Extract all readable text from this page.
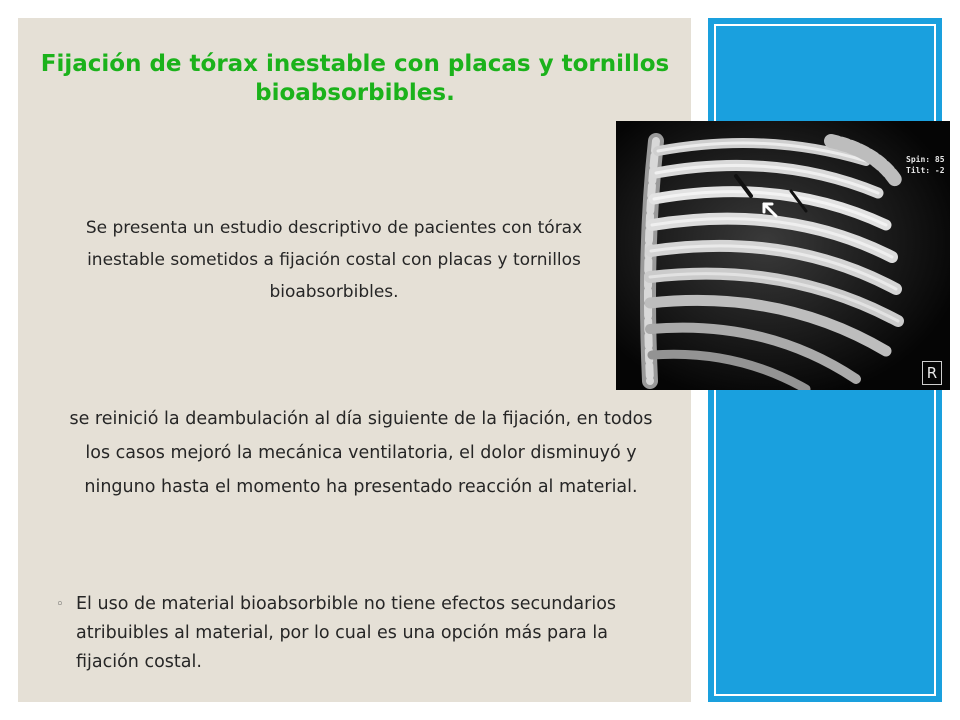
Fijación de tórax inestable con placas y tornillos bioabsorbibles.
Se presenta un estudio descriptivo de pacientes con tórax inestable sometidos a fijación costal con placas y tornillos bioabsorbibles.
Spin: 85
Tilt: -2
R
se reinició la deambulación al día siguiente de la fijación, en todos los casos mejoró la mecánica ventilatoria, el dolor disminuyó y ninguno hasta el momento ha presentado reacción al material.
◦ El uso de material bioabsorbible no tiene efectos secundarios atribuibles al material, por lo cual es una opción más para la fijación costal.
